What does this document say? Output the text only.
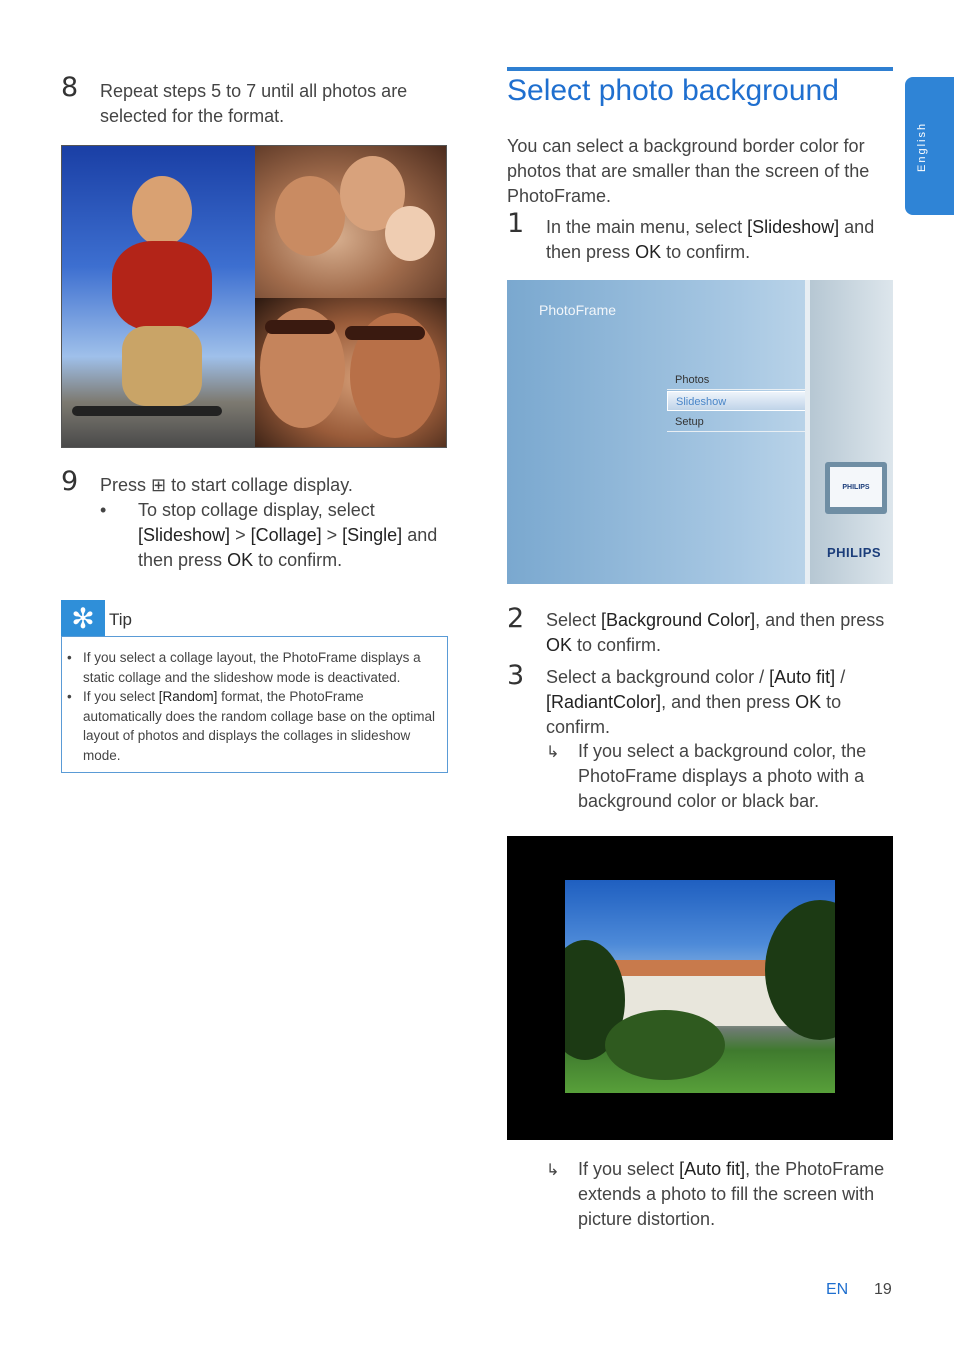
8 Repeat steps 5 to 7 until all photos are selected for the format.
9 Press ⊞ to start collage display.
• To stop collage display, select [Slideshow] > [Collage] > [Single] and then press OK to confirm.
✻ Tip
• If you select a collage layout, the PhotoFrame displays a static collage and the slideshow mode is deactivated.
• If you select [Random] format, the PhotoFrame automatically does the random collage base on the optimal layout of photos and displays the collages in slideshow mode.
Select photo background

You can select a background border color for photos that are smaller than the screen of the PhotoFrame.

1 In the main menu, select [Slideshow] and then press OK to confirm.
PhotoFrame
Photos
Slideshow
Setup
PHILIPS
PHILIPS
2 Select [Background Color], and then press OK to confirm.
3 Select a background color / [Auto fit] / [RadiantColor], and then press OK to confirm.
↳ If you select a background color, the PhotoFrame displays a photo with a background color or black bar.
↳ If you select [Auto fit], the PhotoFrame extends a photo to fill the screen with picture distortion.
English
EN 19
